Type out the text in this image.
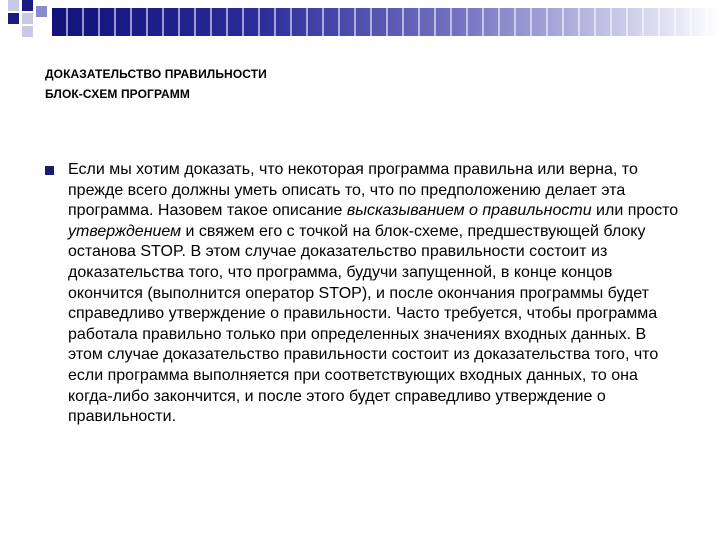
ДОКАЗАТЕЛЬСТВО ПРАВИЛЬНОСТИ
БЛОК-СХЕМ ПРОГРАММ
Если мы хотим доказать, что некоторая программа правильна или верна, то прежде всего должны уметь описать то, что по предположению делает эта программа. Назовем такое описание высказыванием о правильности или просто утверждением и свяжем его с точкой на блок-схеме, предшествующей блоку останова STOP. В этом случае доказательство правильности состоит из доказательства того, что программа, будучи запущенной, в конце концов окончится (выполнится оператор STOP), и после окончания программы будет справедливо утверждение о правильности. Часто требуется, чтобы программа работала правильно только при определенных значениях входных данных. В этом случае доказательство правильности состоит из доказательства того, что если программа выполняется при соответствующих входных данных, то она когда-либо закончится, и после этого будет справедливо утверждение о правильности.
